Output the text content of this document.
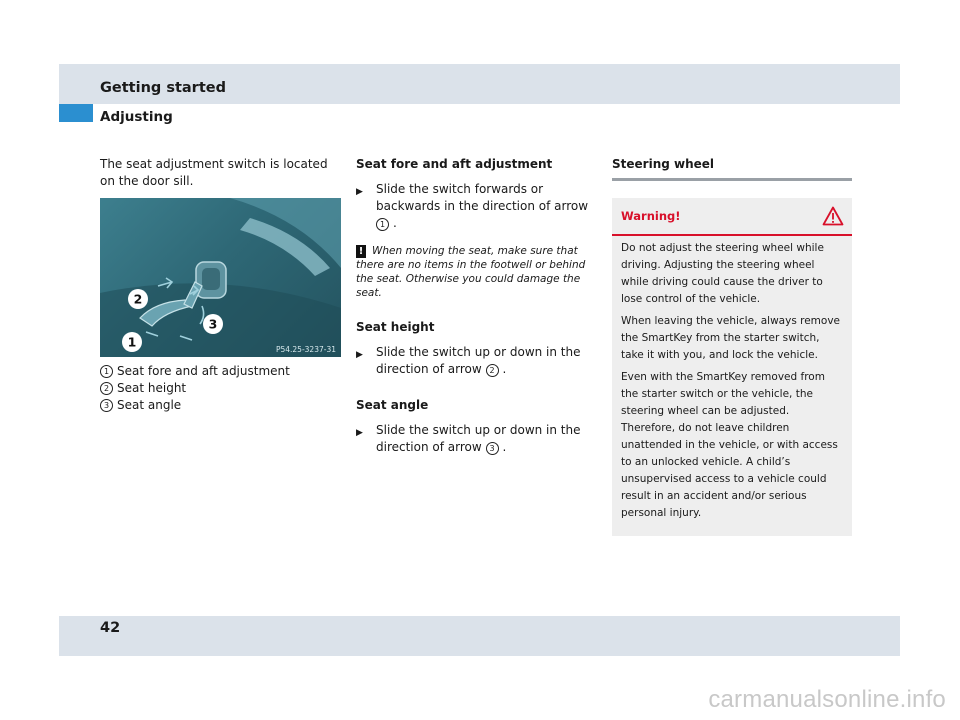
Getting started
Adjusting
The seat adjustment switch is located on the door sill.
1
2
3
P54.25-3237-31
1 Seat fore and aft adjustment
2 Seat height
3 Seat angle
Seat fore and aft adjustment
▶	Slide the switch forwards or backwards in the direction of arrow 1 .
! When moving the seat, make sure that there are no items in the footwell or behind the seat. Otherwise you could damage the seat.
Seat height
▶	Slide the switch up or down in the direction of arrow 2 .
Seat angle
▶	Slide the switch up or down in the direction of arrow 3 .
Steering wheel
Warning!

Do not adjust the steering wheel while driving. Adjusting the steering wheel while driving could cause the driver to lose control of the vehicle.

When leaving the vehicle, always remove the SmartKey from the starter switch, take it with you, and lock the vehicle.

Even with the SmartKey removed from the starter switch or the vehicle, the steering wheel can be adjusted. Therefore, do not leave children unattended in the vehicle, or with access to an unlocked vehicle. A child’s unsupervised access to a vehicle could result in an accident and/or serious personal injury.

42
carmanualsonline.info
